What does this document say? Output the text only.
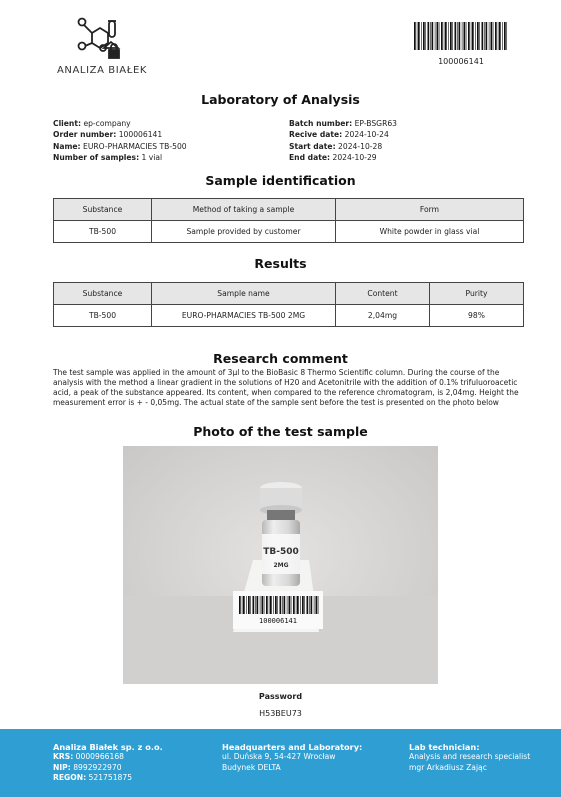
ANALIZA BIAŁEK
100006141
Laboratory of Analysis
Client: ep-company
Order number: 100006141
Name: EURO-PHARMACIES TB-500
Number of samples: 1 vial
Batch number: EP-BSGR63
Recive date: 2024-10-24
Start date: 2024-10-28
End date: 2024-10-29
Sample identification
Substance	Method of taking a sample	Form
TB-500	Sample provided by customer	White powder in glass vial
Results
Substance	Sample name	Content	Purity
TB-500	EURO-PHARMACIES TB-500 2MG	2,04mg	98%
Research comment
The test sample was applied in the amount of 3μl to the BioBasic 8 Thermo Scientific column. During the course of the analysis with the method a linear gradient in the solutions of H20 and Acetonitrile with the addition of 0.1% trifuluoroacetic acid, a peak of the substance appeared. Its content, when compared to the reference chromatogram, is 2,04mg. Height the measurement error is + - 0,05mg. The actual state of the sample sent before the test is presented on the photo below
Photo of the test sample
TB-500
2MG
100006141
Password
H53BEU73
Analiza Białek sp. z o.o.
KRS: 0000966168
NIP: 8992922970
REGON: 521751875
Headquarters and Laboratory:
ul. Duńska 9, 54-427 Wrocław
Budynek DELTA
Lab technician:
Analysis and research specialist
mgr Arkadiusz Zając
